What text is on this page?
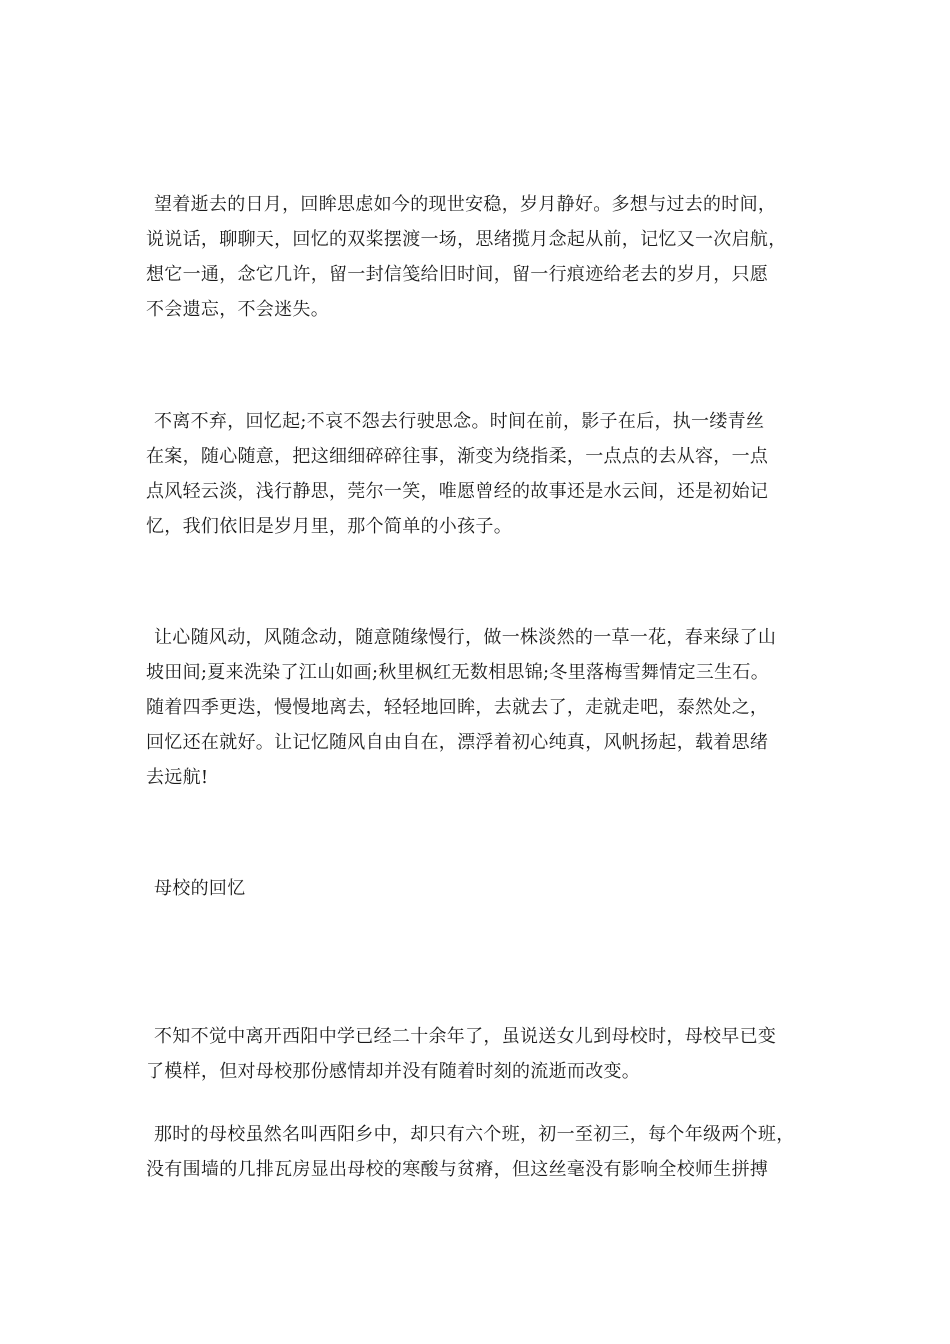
望着逝去的日月，回眸思虑如今的现世安稳，岁月静好。多想与过去的时间，
说说话，聊聊天，回忆的双桨摆渡一场，思绪揽月念起从前，记忆又一次启航，
想它一通，念它几许，留一封信笺给旧时间，留一行痕迹给老去的岁月，只愿
不会遗忘，不会迷失。
不离不弃，回忆起;不哀不怨去行驶思念。时间在前，影子在后，执一缕青丝
在案，随心随意，把这细细碎碎往事，渐变为绕指柔，一点点的去从容，一点
点风轻云淡，浅行静思，莞尔一笑，唯愿曾经的故事还是水云间，还是初始记
忆，我们依旧是岁月里，那个简单的小孩子。
让心随风动，风随念动，随意随缘慢行，做一株淡然的一草一花，春来绿了山
坡田间;夏来洗染了江山如画;秋里枫红无数相思锦;冬里落梅雪舞情定三生石。
随着四季更迭，慢慢地离去，轻轻地回眸，去就去了，走就走吧，泰然处之，
回忆还在就好。让记忆随风自由自在，漂浮着初心纯真，风帆扬起，载着思绪
去远航!
母校的回忆
不知不觉中离开西阳中学已经二十余年了，虽说送女儿到母校时，母校早已变
了模样，但对母校那份感情却并没有随着时刻的流逝而改变。
那时的母校虽然名叫西阳乡中，却只有六个班，初一至初三，每个年级两个班，
没有围墙的几排瓦房显出母校的寒酸与贫瘠，但这丝毫没有影响全校师生拼搏
